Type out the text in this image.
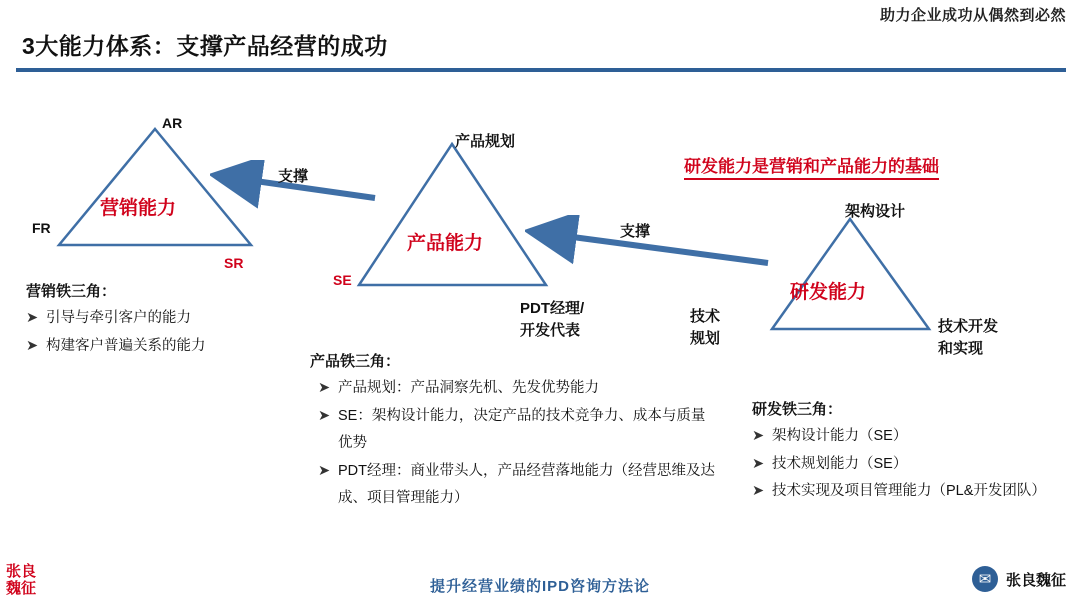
助力企业成功从偶然到必然
3大能力体系：支撑产品经营的成功
AR
FR
SR
营销能力
产品规划
SE
PDT经理/
开发代表
产品能力
架构设计
技术
规划
技术开发
和实现
研发能力
支撑
支撑
研发能力是营销和产品能力的基础
营销铁三角：
➤ 引导与牵引客户的能力
➤ 构建客户普遍关系的能力
产品铁三角：
➤ 产品规划：产品洞察先机、先发优势能力
➤ SE：架构设计能力，决定产品的技术竞争力、成本与质量优势
➤ PDT经理：商业带头人，产品经营落地能力（经营思维及达成、项目管理能力）
研发铁三角：
➤ 架构设计能力（SE）
➤ 技术规划能力（SE）
➤ 技术实现及项目管理能力（PL&开发团队）
张良
魏征	提升经营业绩的IPD咨询方法论	✉ 张良魏征
